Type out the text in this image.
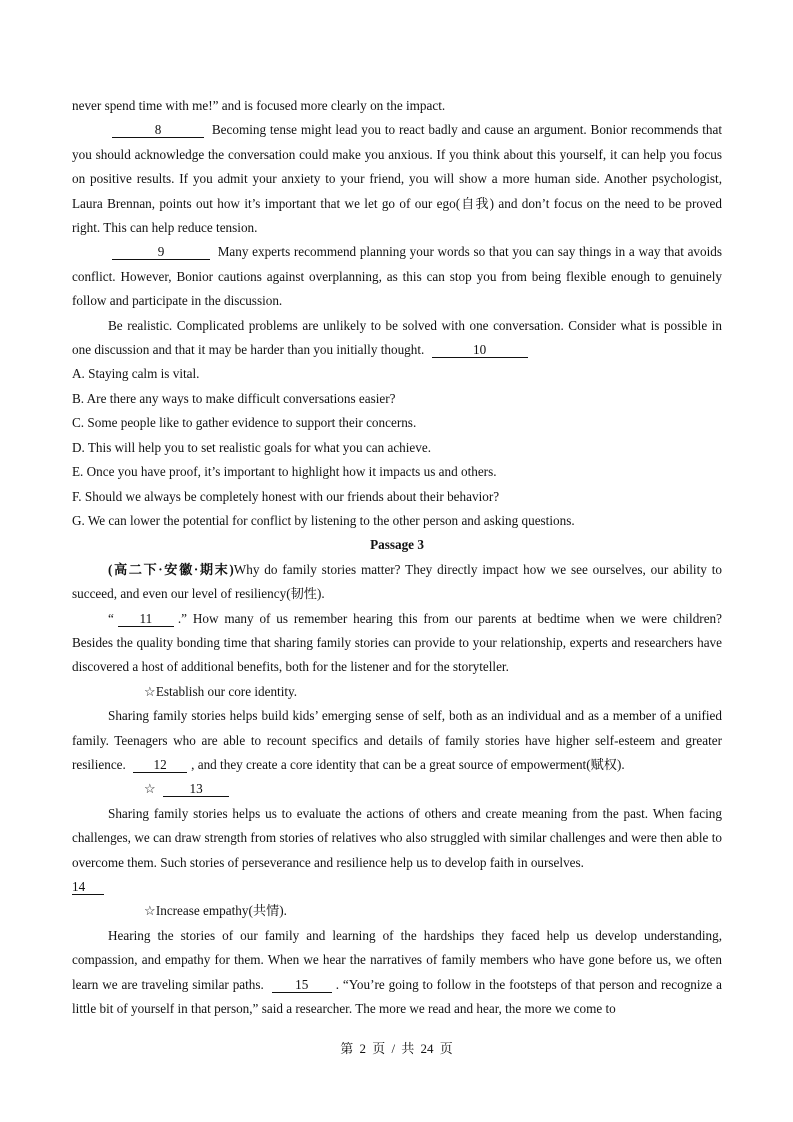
never spend time with me!” and is focused more clearly on the impact.

8	Becoming tense might lead you to react badly and cause an argument. Bonior recommends that you should acknowledge the conversation could make you anxious. If you think about this yourself, it can help you focus on positive results. If you admit your anxiety to your friend, you will show a more human side. Another psychologist, Laura Brennan, points out how it’s important that we let go of our ego(自我) and don’t focus on the need to be proved right. This can help reduce tension.

9	Many experts recommend planning your words so that you can say things in a way that avoids conflict. However, Bonior cautions against overplanning, as this can stop you from being flexible enough to genuinely follow and participate in the discussion.

Be realistic. Complicated problems are unlikely to be solved with one conversation. Consider what is possible in one discussion and that it may be harder than you initially thought.	10

A. Staying calm is vital.

B. Are there any ways to make difficult conversations easier?

C. Some people like to gather evidence to support their concerns.

D. This will help you to set realistic goals for what you can achieve.

E. Once you have proof, it’s important to highlight how it impacts us and others.

F. Should we always be completely honest with our friends about their behavior?

G. We can lower the potential for conflict by listening to the other person and asking questions.

Passage 3

(高二下·安徽·期末)Why do family stories matter? They directly impact how we see ourselves, our ability to succeed, and even our level of resiliency(韧性).

“ 11 .” How many of us remember hearing this from our parents at bedtime when we were children? Besides the quality bonding time that sharing family stories can provide to your relationship, experts and researchers have discovered a host of additional benefits, both for the listener and for the storyteller.

☆Establish our core identity.

Sharing family stories helps build kids’ emerging sense of self, both as an individual and as a member of a unified family. Teenagers who are able to recount specifics and details of family stories have higher self-esteem and greater resilience. 12 , and they create a core identity that can be a great source of empowerment(赋权).

☆	13

Sharing family stories helps us to evaluate the actions of others and create meaning from the past. When facing challenges, we can draw strength from stories of relatives who also struggled with similar challenges and were then able to overcome them. Such stories of perseverance and resilience help us to develop faith in ourselves.

14

☆Increase empathy(共情).

Hearing the stories of our family and learning of the hardships they faced help us develop understanding, compassion, and empathy for them. When we hear the narratives of family members who have gone before us, we often learn we are traveling similar paths. 15 . “You’re going to follow in the footsteps of that person and recognize a little bit of yourself in that person,” said a researcher. The more we read and hear, the more we come to

第 2 页 / 共 24 页
